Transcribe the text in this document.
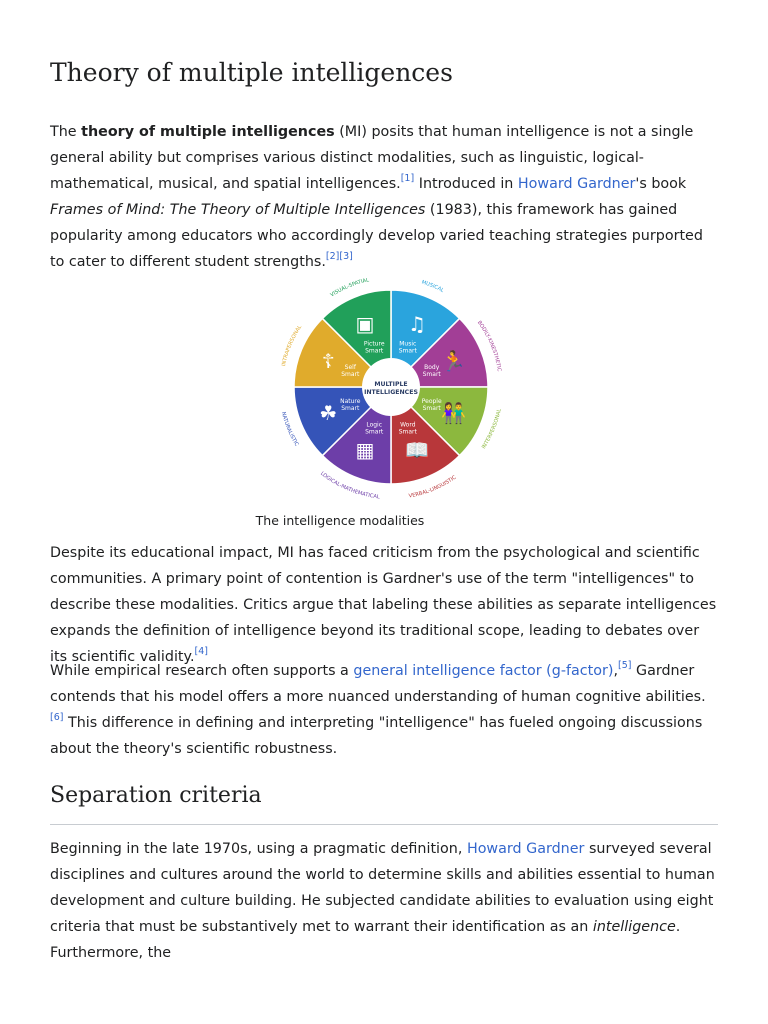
Theory of multiple intelligences

The theory of multiple intelligences (MI) posits that human intelligence is not a single general ability but comprises various distinct modalities, such as linguistic, logical-mathematical, musical, and spatial intelligences.[1] Introduced in Howard Gardner's book Frames of Mind: The Theory of Multiple Intelligences (1983), this framework has gained popularity among educators who accordingly develop varied teaching strategies purported to cater to different student strengths.[2][3]

♫
Music
Smart
MUSICAL
🏃
Body
Smart
BODILY-KINESTHETIC
👫
People
Smart
INTERPERSONAL
📖
Word
Smart
VERBAL-LINGUISTIC
▦
Logic
Smart
LOGICAL-MATHEMATICAL
☘ Nature
Smart
NATURALISTIC
☦ Self
Smart
INTRAPERSONAL	▣
Picture
Smart
VISUAL-SPATIAL
MULTIPLE
INTELLIGENCES
The intelligence modalities

Despite its educational impact, MI has faced criticism from the psychological and scientific communities. A primary point of contention is Gardner's use of the term "intelligences" to describe these modalities. Critics argue that labeling these abilities as separate intelligences expands the definition of intelligence beyond its traditional scope, leading to debates over its scientific validity.[4]

While empirical research often supports a general intelligence factor (g-factor),[5] Gardner contends that his model offers a more nuanced understanding of human cognitive abilities.[6] This difference in defining and interpreting "intelligence" has fueled ongoing discussions about the theory's scientific robustness.

Separation criteria

Beginning in the late 1970s, using a pragmatic definition, Howard Gardner surveyed several disciplines and cultures around the world to determine skills and abilities essential to human development and culture building. He subjected candidate abilities to evaluation using eight criteria that must be substantively met to warrant their identification as an intelligence. Furthermore, the
